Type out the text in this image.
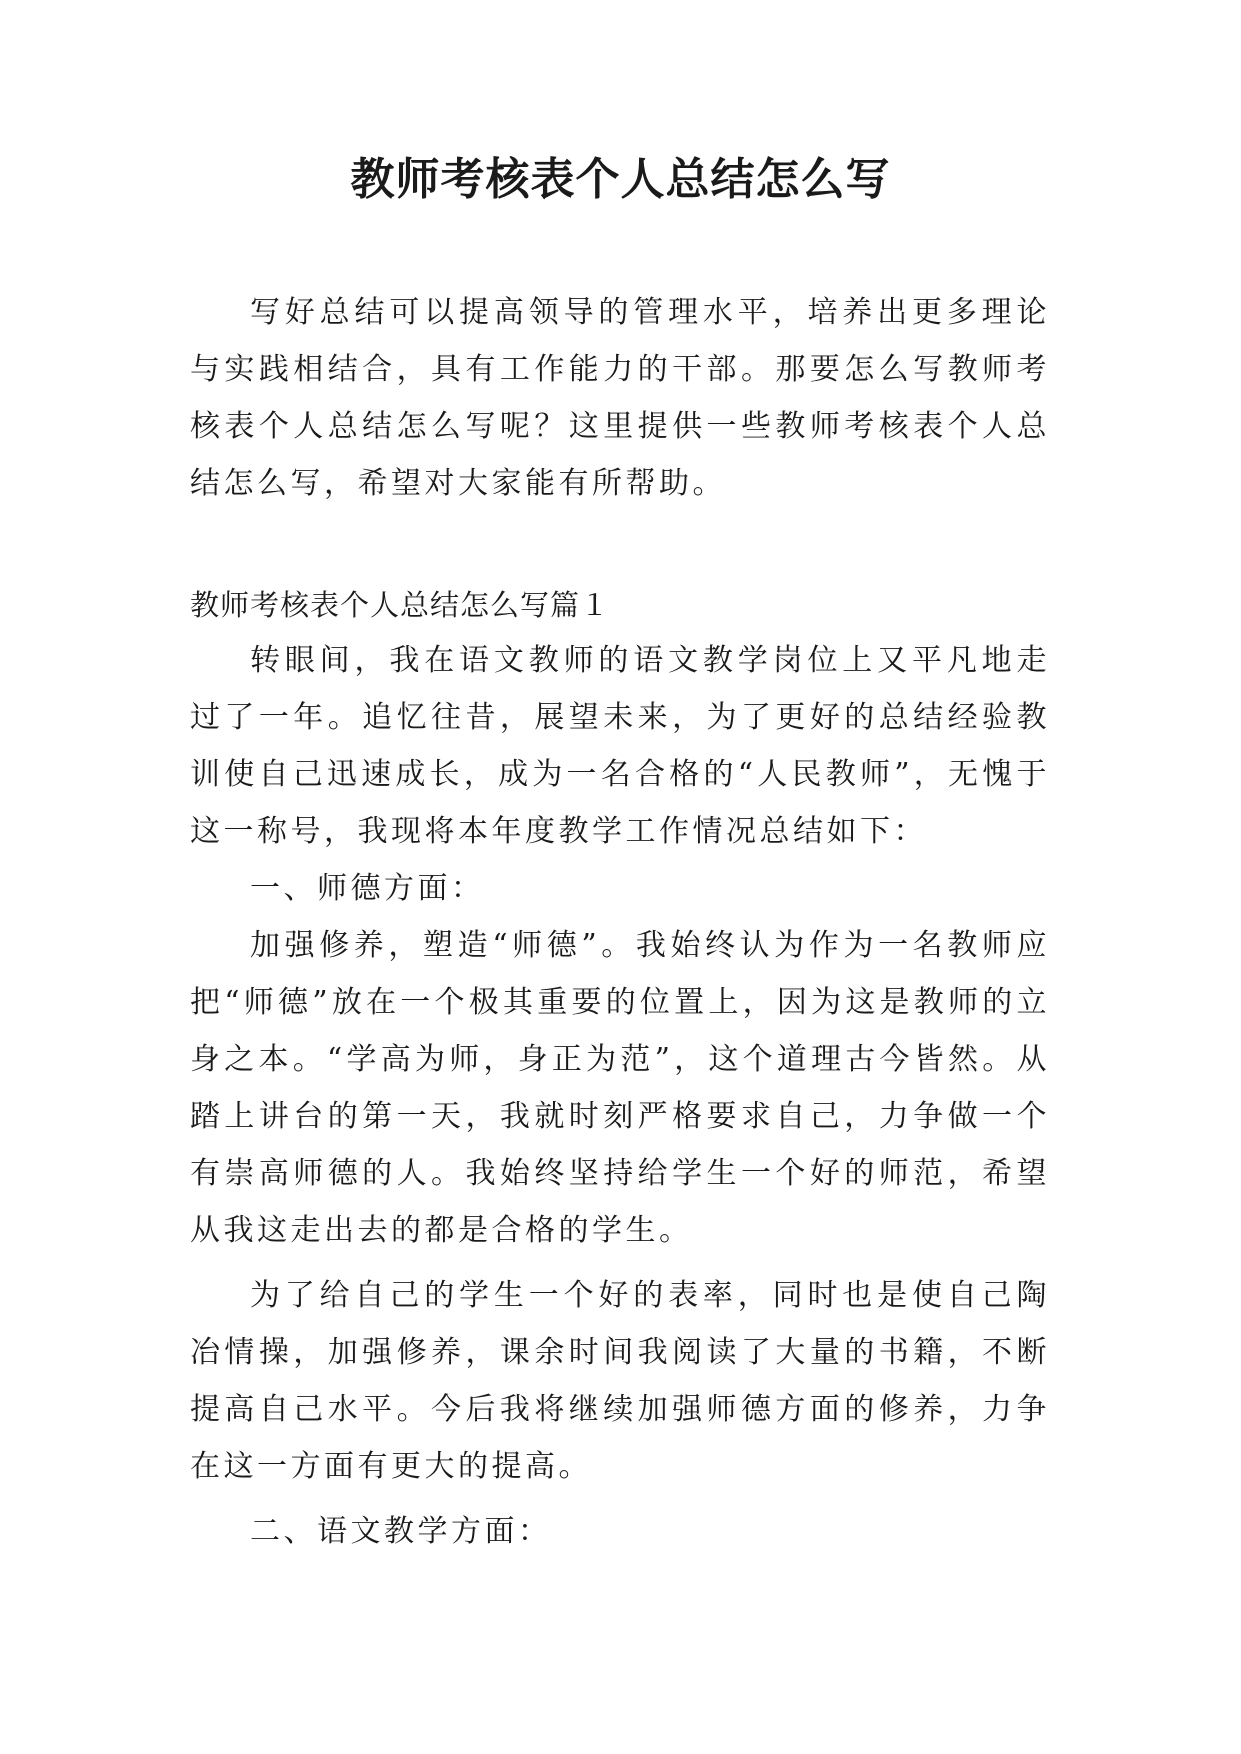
教师考核表个人总结怎么写

写好总结可以提高领导的管理水平，培养出更多理论与实践相结合，具有工作能力的干部。那要怎么写教师考核表个人总结怎么写呢？这里提供一些教师考核表个人总结怎么写，希望对大家能有所帮助。

教师考核表个人总结怎么写篇１

转眼间，我在语文教师的语文教学岗位上又平凡地走过了一年。追忆往昔，展望未来，为了更好的总结经验教训使自己迅速成长，成为一名合格的“人民教师”，无愧于这一称号，我现将本年度教学工作情况总结如下：

一、师德方面：

加强修养，塑造“师德”。我始终认为作为一名教师应把“师德”放在一个极其重要的位置上，因为这是教师的立身之本。“学高为师，身正为范”，这个道理古今皆然。从踏上讲台的第一天，我就时刻严格要求自己，力争做一个有崇高师德的人。我始终坚持给学生一个好的师范，希望从我这走出去的都是合格的学生。

为了给自己的学生一个好的表率，同时也是使自己陶冶情操，加强修养，课余时间我阅读了大量的书籍，不断提高自己水平。今后我将继续加强师德方面的修养，力争在这一方面有更大的提高。

二、语文教学方面：
